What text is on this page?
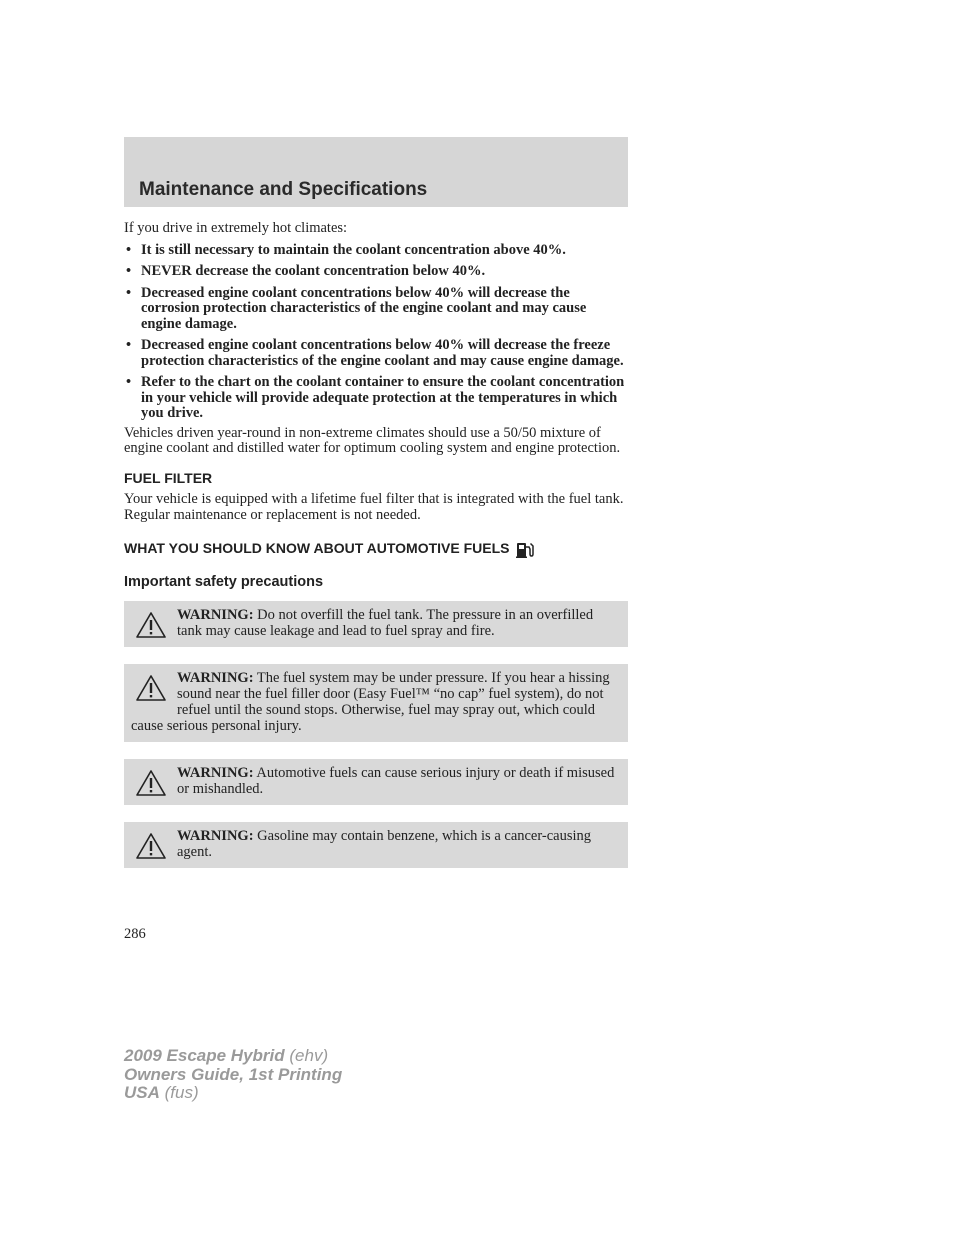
Maintenance and Specifications

If you drive in extremely hot climates:

• It is still necessary to maintain the coolant concentration above 40%.
• NEVER decrease the coolant concentration below 40%.
• Decreased engine coolant concentrations below 40% will decrease the corrosion protection characteristics of the engine coolant and may cause engine damage.
• Decreased engine coolant concentrations below 40% will decrease the freeze protection characteristics of the engine coolant and may cause engine damage.
• Refer to the chart on the coolant container to ensure the coolant concentration in your vehicle will provide adequate protection at the temperatures in which you drive.

Vehicles driven year-round in non-extreme climates should use a 50/50 mixture of engine coolant and distilled water for optimum cooling system and engine protection.

FUEL FILTER

Your vehicle is equipped with a lifetime fuel filter that is integrated with the fuel tank. Regular maintenance or replacement is not needed.

WHAT YOU SHOULD KNOW ABOUT AUTOMOTIVE FUELS
Important safety precautions
WARNING: Do not overfill the fuel tank. The pressure in an overfilled tank may cause leakage and lead to fuel spray and fire.
WARNING: The fuel system may be under pressure. If you hear a hissing sound near the fuel filler door (Easy Fuel™ “no cap” fuel system), do not refuel until the sound stops. Otherwise, fuel may spray out, which could cause serious personal injury.
WARNING: Automotive fuels can cause serious injury or death if misused or mishandled.
WARNING: Gasoline may contain benzene, which is a cancer-causing agent.

286

2009 Escape Hybrid (ehv)
Owners Guide, 1st Printing
USA (fus)
